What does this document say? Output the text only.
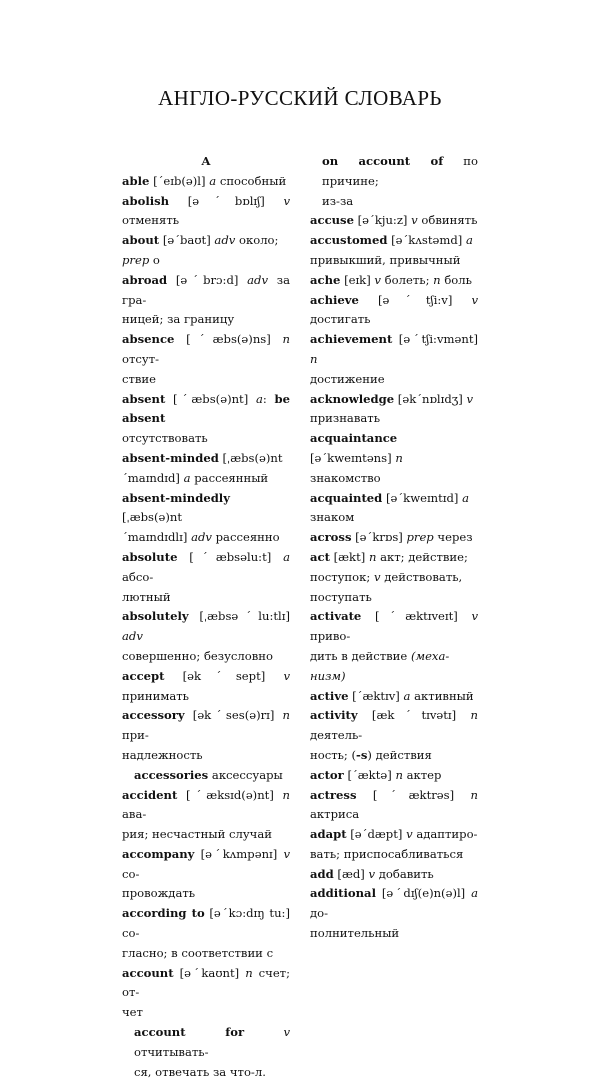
АНГЛО-РУССКИЙ СЛОВАРЬ
А
able [ˊeɪb(ə)l] a способный
abolish [əˊbɒlɪʃ] v отменять
about [əˊbaʊt] adv около;
prep о
abroad [əˊbrɔ:d] adv за гра-
ницей; за границу
absence [ˊæbs(ə)ns] n отсут-
ствие
absent [ˊæbs(ə)nt] a: be absent
отсутствовать
absent-minded [ˌæbs(ə)nt
ˊmaɪndɪd] a рассеянный
absent-mindedly [ˌæbs(ə)nt
ˊmaɪndɪdlɪ] adv рассеянно
absolute [ˊæbsəlu:t] a абсо-
лютный
absolutely [ˌæbsəˊlu:tlɪ] adv
совершенно; безусловно
accept [əkˊsept] v принимать
accessory [əkˊses(ə)rɪ] n при-
надлежность
accessories аксессуары
accident [ˊæksɪd(ə)nt] n ава-
рия; несчастный случай
accompany [əˊkʌmpənɪ] v со-
провождать
according to [əˊkɔ:dɪŋ tu:] со-
гласно; в соответствии с
account [əˊkaʊnt] n счет; от-
чет
account for	v отчитывать-
ся, отвечать за что-л.
on account of по причине;
из-за
accuse [əˊkju:z] v обвинять
accustomed [əˊkʌstəmd] a
привыкший, привычный
ache [eɪk] v болеть; n боль
achieve [əˊtʃi:v] v достигать
achievement [əˊtʃi:vmənt] n
достижение
acknowledge [əkˊnɒlɪdʒ] v
признавать
acquaintance [əˊkweɪntəns] n
знакомство
acquainted [əˊkweɪntɪd] a
знаком
across [əˊkrɒs] prep через
act [ækt] n акт; действие;
поступок; v действовать,
поступать
activate [ˊæktɪveɪt] v приво-
дить в действие (меха-
низм)
active [ˊæktɪv] a активный
activity [ækˊtɪvətɪ] n деятель-
ность; (-s) действия
actor [ˊæktə] n актер
actress [ˊæktrəs] n актриса
adapt [əˊdæpt] v адаптиро-
вать; приспосабливаться
add [æd] v добавить
additional [əˊdɪʃ(e)n(ə)l] a до-
полнительный
